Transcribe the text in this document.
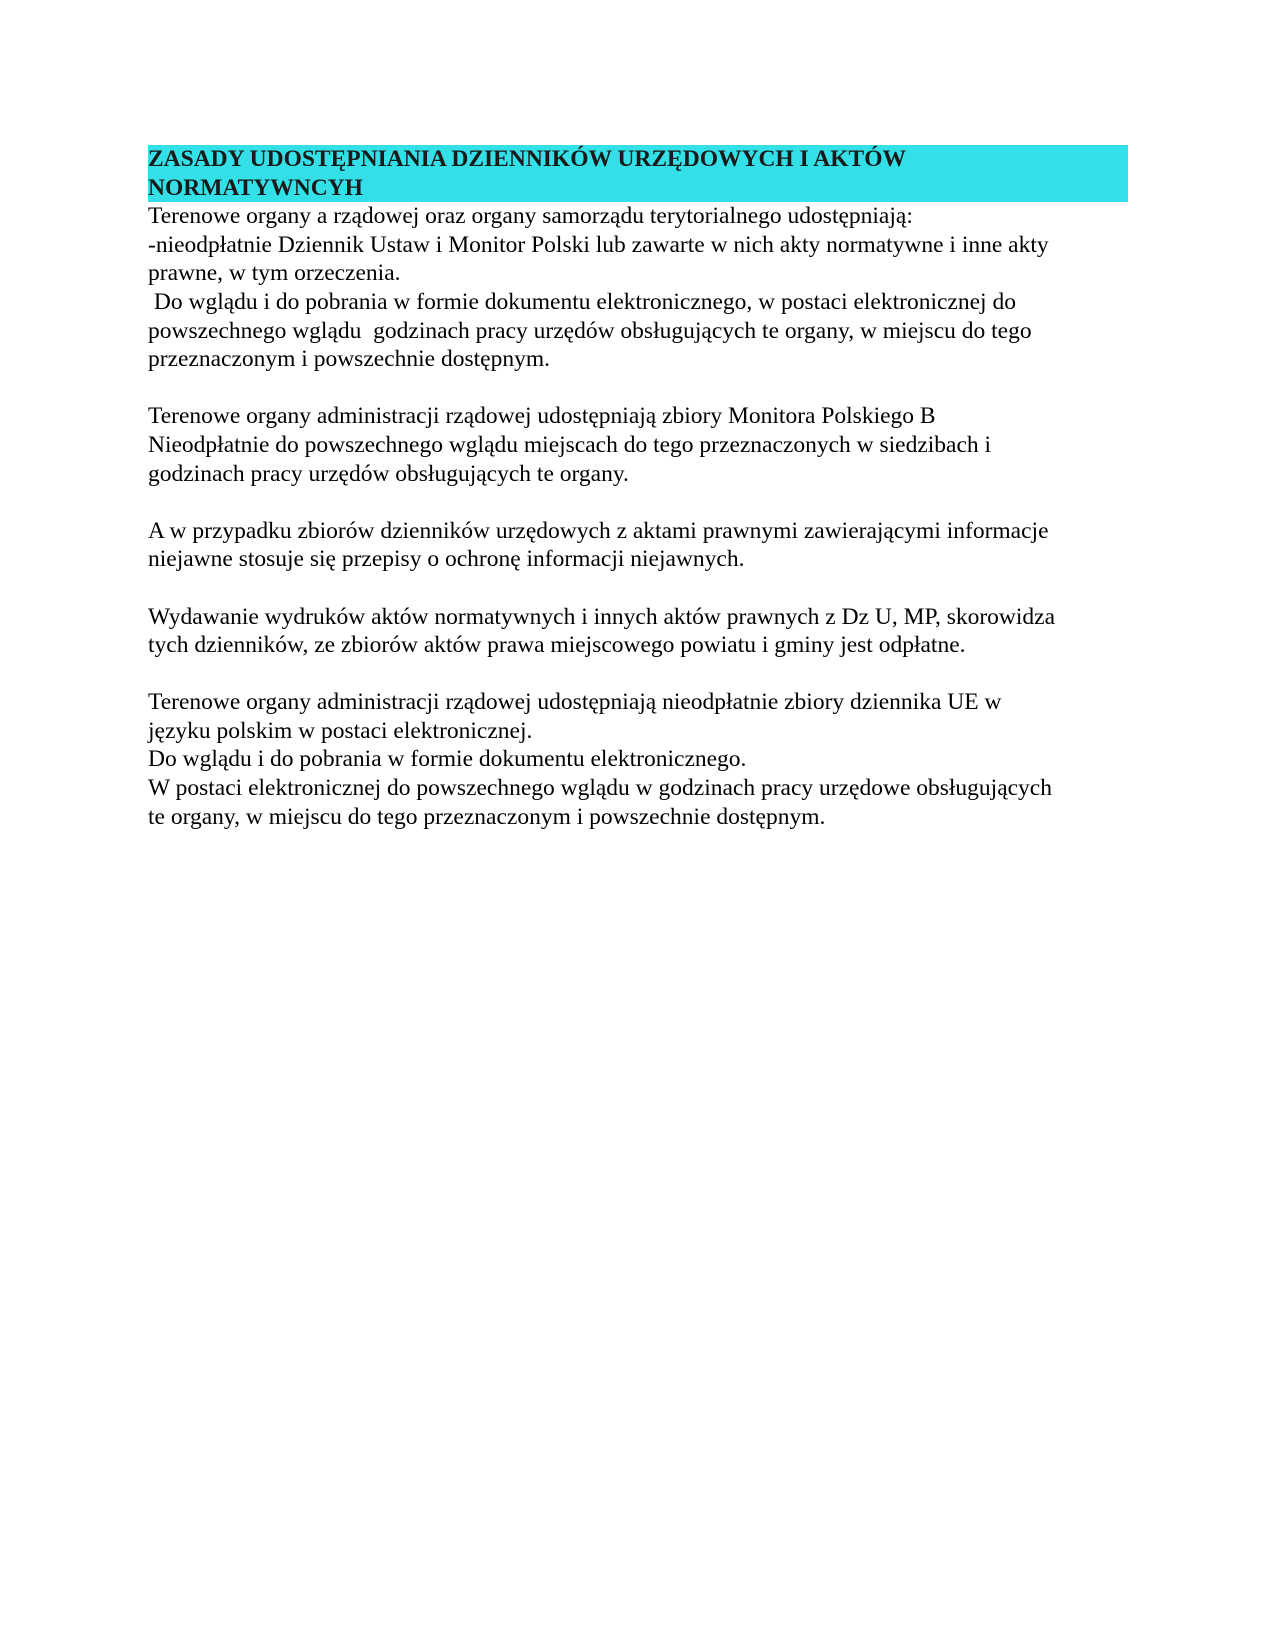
ZASADY UDOSTĘPNIANIA DZIENNIKÓW URZĘDOWYCH I AKTÓW
NORMATYWNCYH

Terenowe organy a rządowej oraz organy samorządu terytorialnego udostępniają:
-nieodpłatnie Dziennik Ustaw i Monitor Polski lub zawarte w nich akty normatywne i inne akty
prawne, w tym orzeczenia.
Do wglądu i do pobrania w formie dokumentu elektronicznego, w postaci elektronicznej do
powszechnego wglądu  godzinach pracy urzędów obsługujących te organy, w miejscu do tego
przeznaczonym i powszechnie dostępnym.

Terenowe organy administracji rządowej udostępniają zbiory Monitora Polskiego B
Nieodpłatnie do powszechnego wglądu miejscach do tego przeznaczonych w siedzibach i
godzinach pracy urzędów obsługujących te organy.

A w przypadku zbiorów dzienników urzędowych z aktami prawnymi zawierającymi informacje
niejawne stosuje się przepisy o ochronę informacji niejawnych.

Wydawanie wydruków aktów normatywnych i innych aktów prawnych z Dz U, MP, skorowidza
tych dzienników, ze zbiorów aktów prawa miejscowego powiatu i gminy jest odpłatne.

Terenowe organy administracji rządowej udostępniają nieodpłatnie zbiory dziennika UE w
języku polskim w postaci elektronicznej.
Do wglądu i do pobrania w formie dokumentu elektronicznego.
W postaci elektronicznej do powszechnego wglądu w godzinach pracy urzędowe obsługujących
te organy, w miejscu do tego przeznaczonym i powszechnie dostępnym.
